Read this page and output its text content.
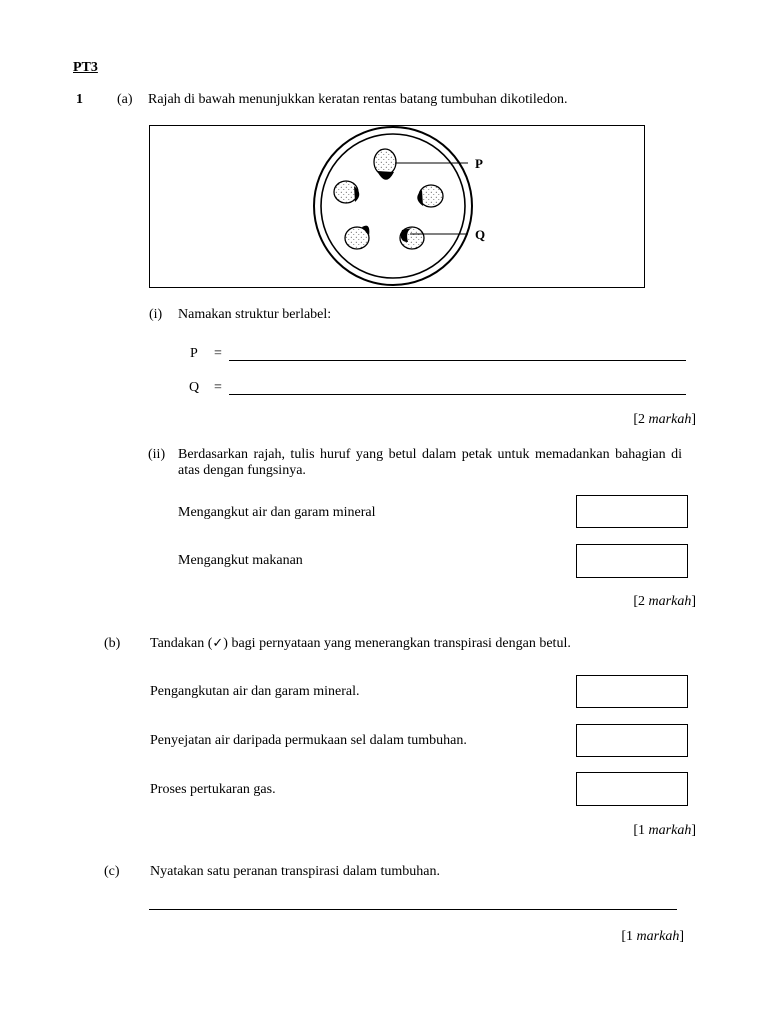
PT3
1 (a) Rajah di bawah menunjukkan keratan rentas batang tumbuhan dikotiledon.
P
Q
(i) Namakan struktur berlabel:
P =
Q =
[2 markah]
(ii) Berdasarkan rajah, tulis huruf yang betul dalam petak untuk memadankan bahagian di atas dengan fungsinya.
Mengangkut air dan garam mineral
Mengangkut makanan
[2 markah]
(b) Tandakan (✓) bagi pernyataan yang menerangkan transpirasi dengan betul.
Pengangkutan air dan garam mineral.
Penyejatan air daripada permukaan sel dalam tumbuhan.
Proses pertukaran gas.
[1 markah]
(c) Nyatakan satu peranan transpirasi dalam tumbuhan.
[1 markah]
